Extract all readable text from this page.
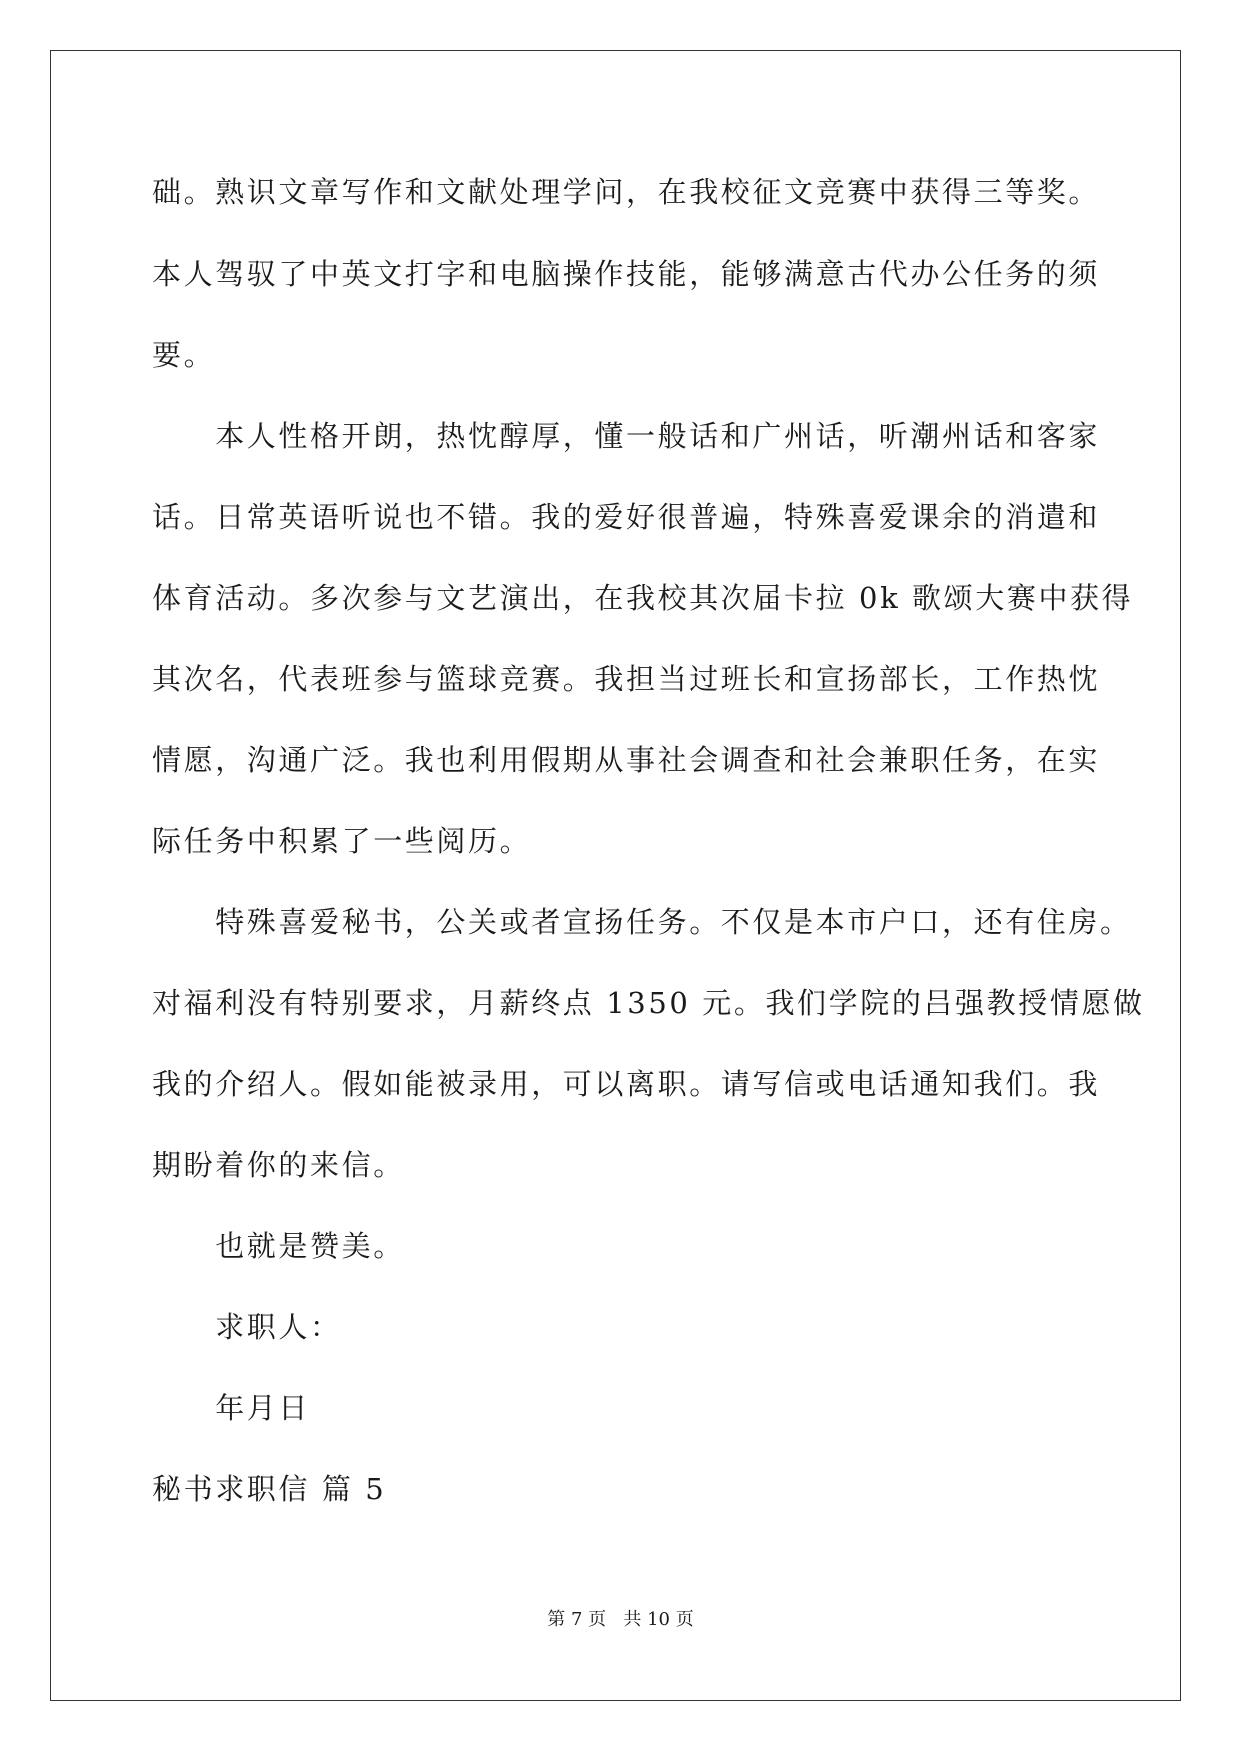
础。熟识文章写作和文献处理学问，在我校征文竞赛中获得三等奖。
本人驾驭了中英文打字和电脑操作技能，能够满意古代办公任务的须
要。
　　本人性格开朗，热忱醇厚，懂一般话和广州话，听潮州话和客家
话。日常英语听说也不错。我的爱好很普遍，特殊喜爱课余的消遣和
体育活动。多次参与文艺演出，在我校其次届卡拉 0k 歌颂大赛中获得
其次名，代表班参与篮球竞赛。我担当过班长和宣扬部长，工作热忱
情愿，沟通广泛。我也利用假期从事社会调查和社会兼职任务，在实
际任务中积累了一些阅历。
　　特殊喜爱秘书，公关或者宣扬任务。不仅是本市户口，还有住房。
对福利没有特别要求，月薪终点 1350 元。我们学院的吕强教授情愿做
我的介绍人。假如能被录用，可以离职。请写信或电话通知我们。我
期盼着你的来信。
　　也就是赞美。
　　求职人：
　　年月日
秘书求职信 篇 5
第 7 页   共 10 页
